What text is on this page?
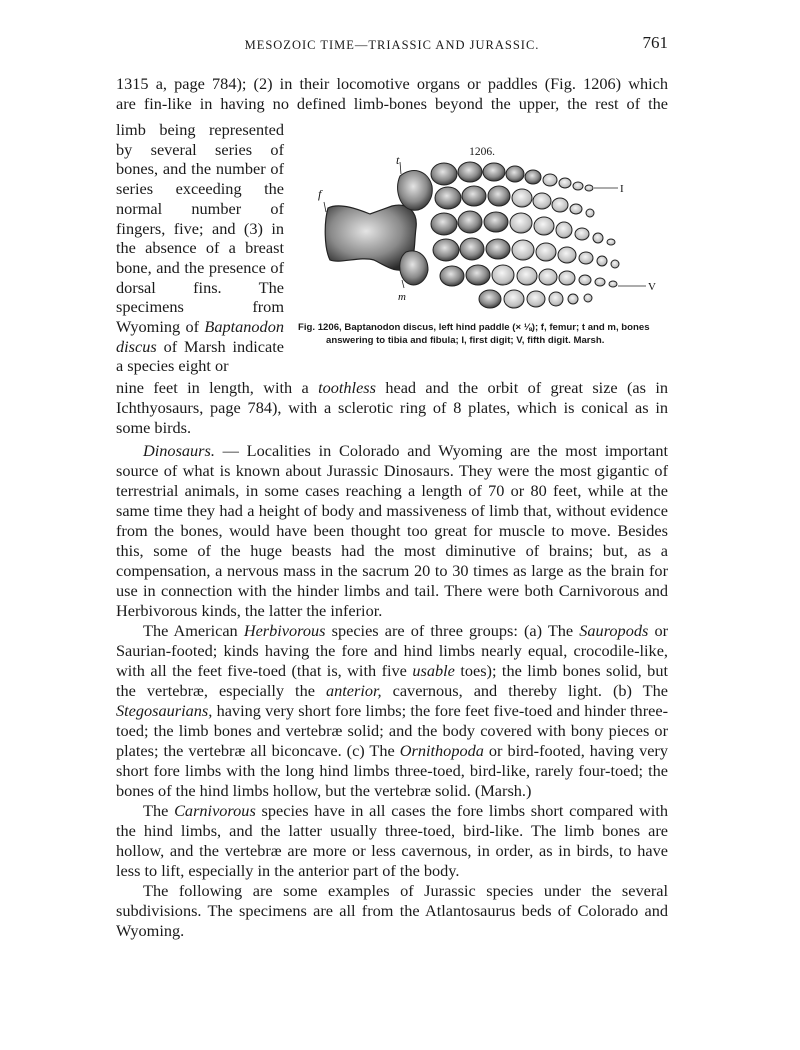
MESOZOIC TIME—TRIASSIC AND JURASSIC.	761
1315 a, page 784); (2) in their locomotive organs or paddles (Fig. 1206) which
are fin-like in having no defined limb-bones beyond the upper, the rest of the
limb being represented by several series of bones, and the number of series exceeding the normal number of fingers, five; and (3) in the absence of a breast bone, and the presence of dorsal fins. The specimens from Wyoming of Baptanodon discus of Marsh indicate a species eight or
1206.
f
t
m
I
V
Fig. 1206, Baptanodon discus, left hind paddle (× ⅛); f, femur; t and m, bones answering to tibia and fibula; I, first digit; V, fifth digit. Marsh.
nine feet in length, with a toothless head and the orbit of great size (as in Ichthyosaurs, page 784), with a sclerotic ring of 8 plates, which is conical as in some birds.

Dinosaurs. — Localities in Colorado and Wyoming are the most important source of what is known about Jurassic Dinosaurs. They were the most gigantic of terrestrial animals, in some cases reaching a length of 70 or 80 feet, while at the same time they had a height of body and massiveness of limb that, without evidence from the bones, would have been thought too great for muscle to move. Besides this, some of the huge beasts had the most diminutive of brains; but, as a compensation, a nervous mass in the sacrum 20 to 30 times as large as the brain for use in connection with the hinder limbs and tail. There were both Carnivorous and Herbivorous kinds, the latter the inferior.

The American Herbivorous species are of three groups: (a) The Sauropods or Saurian-footed; kinds having the fore and hind limbs nearly equal, crocodile-like, with all the feet five-toed (that is, with five usable toes); the limb bones solid, but the vertebræ, especially the anterior, cavernous, and thereby light. (b) The Stegosaurians, having very short fore limbs; the fore feet five-toed and hinder three-toed; the limb bones and vertebræ solid; and the body covered with bony pieces or plates; the vertebræ all biconcave. (c) The Ornithopoda or bird-footed, having very short fore limbs with the long hind limbs three-toed, bird-like, rarely four-toed; the bones of the hind limbs hollow, but the vertebræ solid. (Marsh.)

The Carnivorous species have in all cases the fore limbs short compared with the hind limbs, and the latter usually three-toed, bird-like. The limb bones are hollow, and the vertebræ are more or less cavernous, in order, as in birds, to have less to lift, especially in the anterior part of the body.

The following are some examples of Jurassic species under the several subdivisions. The specimens are all from the Atlantosaurus beds of Colorado and Wyoming.
